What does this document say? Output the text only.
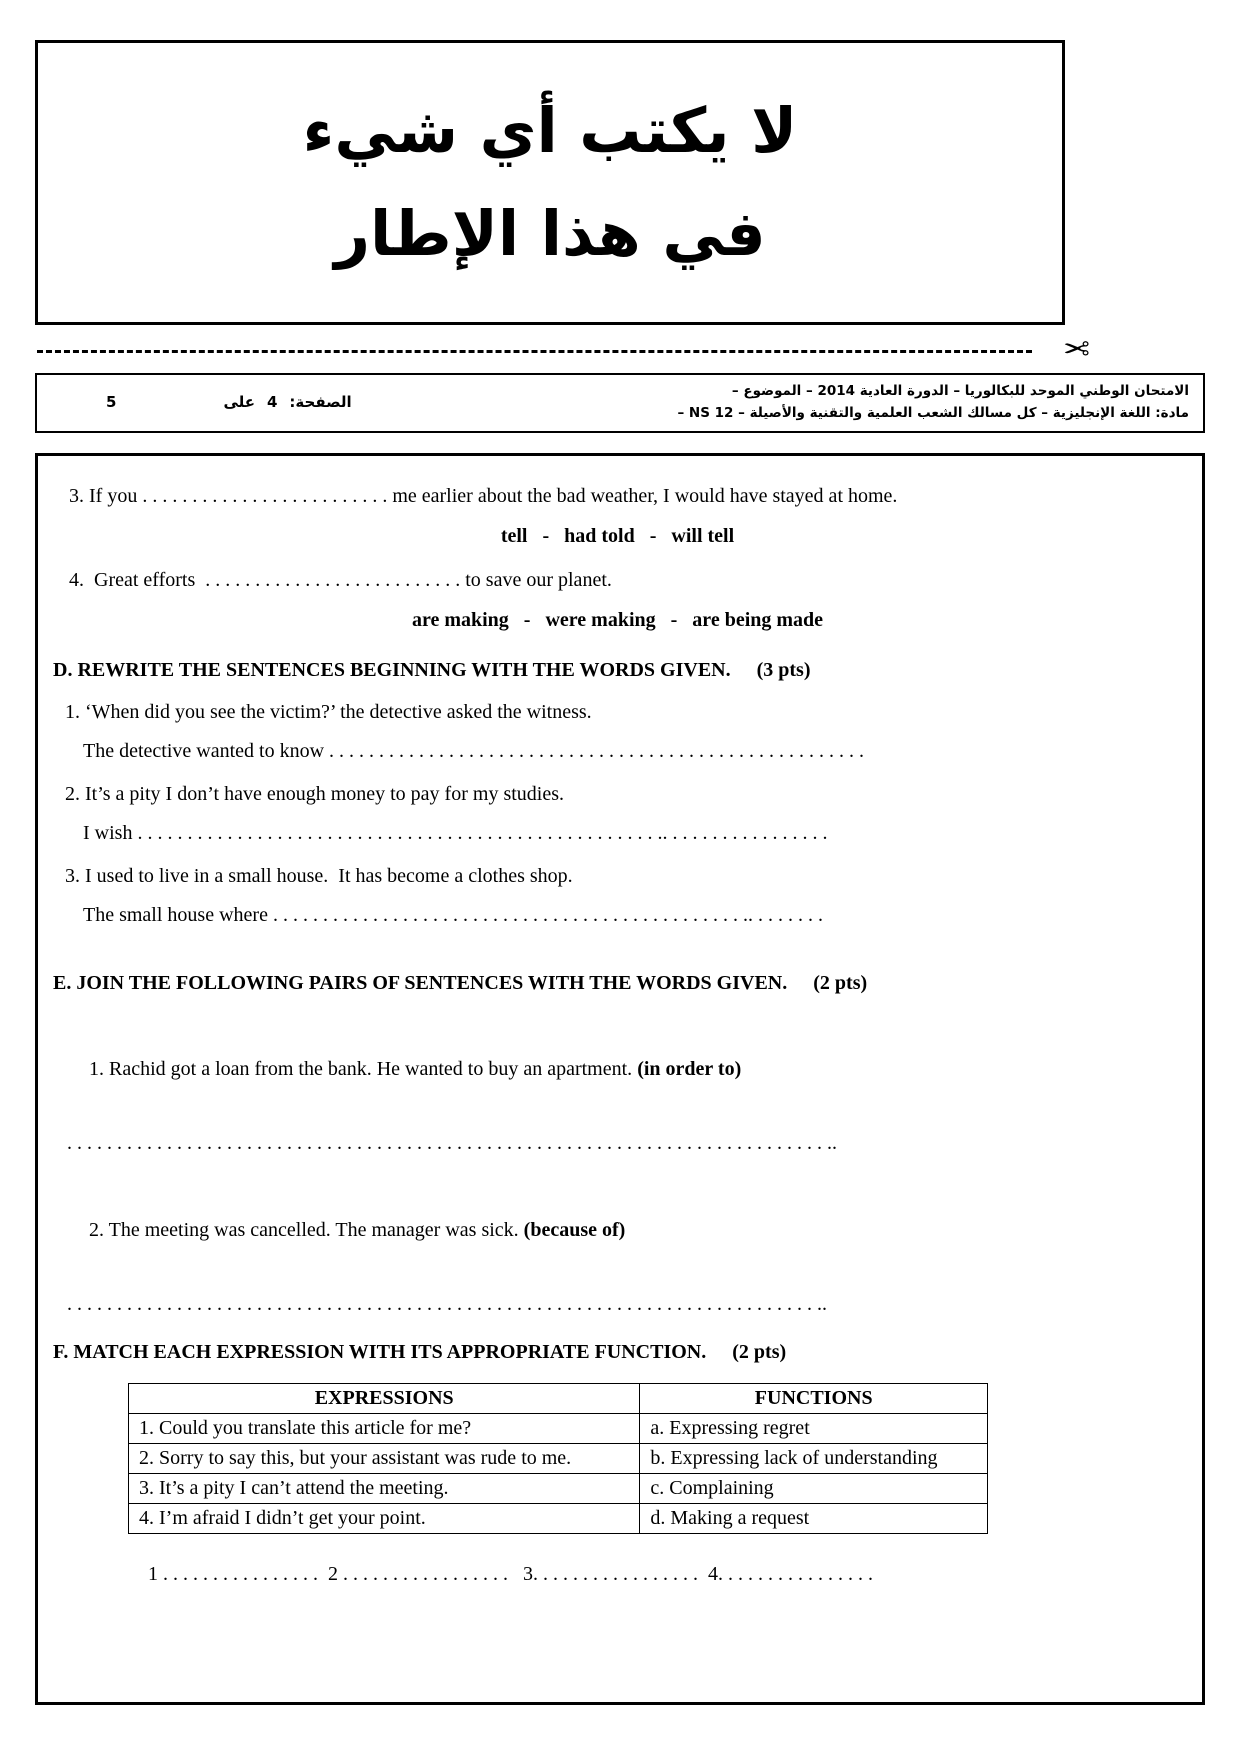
لا يكتب أي شيء
في هذا الإطار
✂
الامتحان الوطني الموحد للبكالوريا – الدورة العادية 2014 – الموضوع –
مادة: اللغة الإنجليزية – كل مسالك الشعب العلمية والتقنية والأصيلة – NS 12 –
الصفحة:
4
على
5
3. If you . . . . . . . . . . . . . . . . . . . . . . . . . me earlier about the bad weather, I would have stayed at home.
tell   -   had told   -   will tell
4.  Great efforts  . . . . . . . . . . . . . . . . . . . . . . . . . . to save our planet.
are making   -   were making   -   are being made
D. REWRITE THE SENTENCES BEGINNING WITH THE WORDS GIVEN. (3 pts)
1. ‘When did you see the victim?’ the detective asked the witness.
The detective wanted to know . . . . . . . . . . . . . . . . . . . . . . . . . . . . . . . . . . . . . . . . . . . . . . . . . . . . . .
2. It’s a pity I don’t have enough money to pay for my studies.
I wish . . . . . . . . . . . . . . . . . . . . . . . . . . . . . . . . . . . . . . . . . . . . . . . . . . . . .. . . . . . . . . . . . . . . . .
3. I used to live in a small house.  It has become a clothes shop.
The small house where . . . . . . . . . . . . . . . . . . . . . . . . . . . . . . . . . . . . . . . . . . . . . . . .. . . . . . . .
E. JOIN THE FOLLOWING PAIRS OF SENTENCES WITH THE WORDS GIVEN. (2 pts)

1. Rachid got a loan from the bank. He wanted to buy an apartment. (in order to)

. . . . . . . . . . . . . . . . . . . . . . . . . . . . . . . . . . . . . . . . . . . . . . . . . . . . . . . . . . . . . . . . . . . . . . . . . . . . ..

2. The meeting was cancelled. The manager was sick. (because of)

. . . . . . . . . . . . . . . . . . . . . . . . . . . . . . . . . . . . . . . . . . . . . . . . . . . . . . . . . . . . . . . . . . . . . . . . . . . ..
F. MATCH EACH EXPRESSION WITH ITS APPROPRIATE FUNCTION. (2 pts)
EXPRESSIONS	FUNCTIONS
1. Could you translate this article for me?	a. Expressing regret
2. Sorry to say this, but your assistant was rude to me.	b. Expressing lack of understanding
3. It’s a pity I can’t attend the meeting.	c. Complaining
4. I’m afraid I didn’t get your point.	d. Making a request
1 . . . . . . . . . . . . . . . .  2 . . . . . . . . . . . . . . . . .   3. . . . . . . . . . . . . . . . .  4. . . . . . . . . . . . . . . .
